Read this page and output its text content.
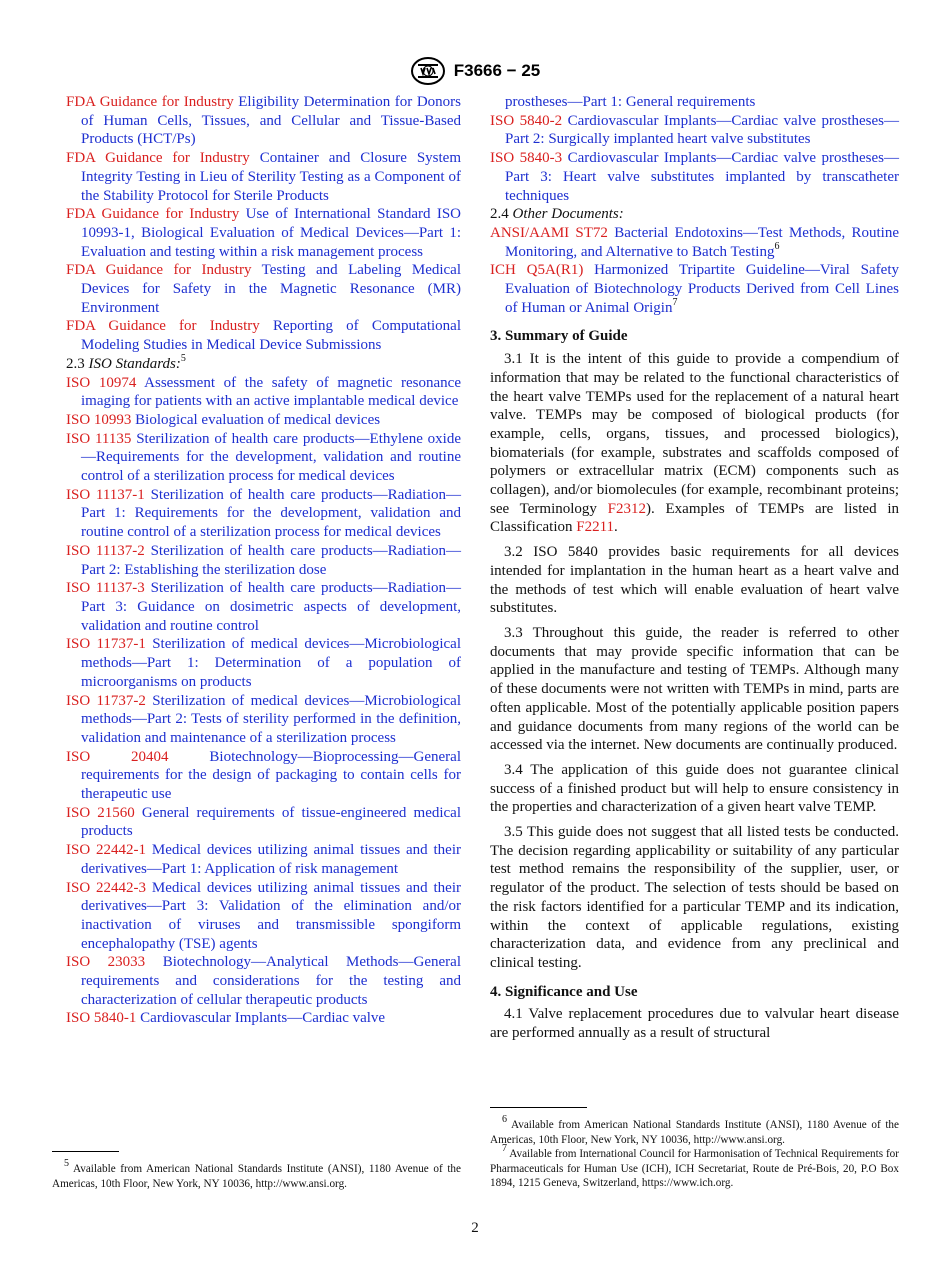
F3666 − 25

FDA Guidance for Industry Eligibility Determination for Donors of Human Cells, Tissues, and Cellular and Tissue-Based Products (HCT/Ps)

FDA Guidance for Industry Container and Closure System Integrity Testing in Lieu of Sterility Testing as a Component of the Stability Protocol for Sterile Products

FDA Guidance for Industry Use of International Standard ISO 10993-1, Biological Evaluation of Medical Devices—Part 1: Evaluation and testing within a risk management process

FDA Guidance for Industry Testing and Labeling Medical Devices for Safety in the Magnetic Resonance (MR) Environment

FDA Guidance for Industry Reporting of Computational Modeling Studies in Medical Device Submissions

2.3 ISO Standards:$^5$

ISO 10974 Assessment of the safety of magnetic resonance imaging for patients with an active implantable medical device

ISO 10993 Biological evaluation of medical devices

ISO 11135 Sterilization of health care products—Ethylene oxide—Requirements for the development, validation and routine control of a sterilization process for medical devices

ISO 11137-1 Sterilization of health care products—Radiation—Part 1: Requirements for the development, validation and routine control of a sterilization process for medical devices

ISO 11137-2 Sterilization of health care products—Radiation—Part 2: Establishing the sterilization dose

ISO 11137-3 Sterilization of health care products—Radiation—Part 3: Guidance on dosimetric aspects of development, validation and routine control

ISO 11737-1 Sterilization of medical devices—Microbiological methods—Part 1: Determination of a population of microorganisms on products

ISO 11737-2 Sterilization of medical devices—Microbiological methods—Part 2: Tests of sterility performed in the definition, validation and maintenance of a sterilization process

ISO 20404	Biotechnology—Bioprocessing—General requirements for the design of packaging to contain cells for therapeutic use

ISO 21560 General requirements of tissue-engineered medical products

ISO 22442-1 Medical devices utilizing animal tissues and their derivatives—Part 1: Application of risk management

ISO 22442-3 Medical devices utilizing animal tissues and their derivatives—Part 3: Validation of the elimination and/or inactivation of viruses and transmissible spongiform encephalopathy (TSE) agents

ISO 23033 Biotechnology—Analytical Methods—General requirements and considerations for the testing and characterization of cellular therapeutic products

ISO 5840-1 Cardiovascular Implants—Cardiac valve

$^5$ Available from American National Standards Institute (ANSI), 1180 Avenue of the Americas, 10th Floor, New York, NY 10036, http://www.ansi.org.

prostheses—Part 1: General requirements

ISO 5840-2 Cardiovascular Implants—Cardiac valve prostheses—Part 2: Surgically implanted heart valve substitutes

ISO 5840-3 Cardiovascular Implants—Cardiac valve prostheses—Part 3: Heart valve substitutes implanted by transcatheter techniques

2.4 Other Documents:

ANSI/AAMI ST72 Bacterial Endotoxins—Test Methods, Routine Monitoring, and Alternative to Batch Testing$^6$

ICH Q5A(R1) Harmonized Tripartite Guideline—Viral Safety Evaluation of Biotechnology Products Derived from Cell Lines of Human or Animal Origin$^7$

3. Summary of Guide

3.1 It is the intent of this guide to provide a compendium of information that may be related to the functional characteristics of the heart valve TEMPs used for the replacement of a natural heart valve. TEMPs may be composed of biological products (for example, cells, organs, tissues, and processed biologics), biomaterials (for example, substrates and scaffolds composed of polymers or extracellular matrix (ECM) components such as collagen), and/or biomolecules (for example, recombinant proteins; see Terminology F2312). Examples of TEMPs are listed in Classification F2211.

3.2 ISO 5840 provides basic requirements for all devices intended for implantation in the human heart as a heart valve and the methods of test which will enable evaluation of heart valve substitutes.

3.3 Throughout this guide, the reader is referred to other documents that may provide specific information that can be applied in the manufacture and testing of TEMPs. Although many of these documents were not written with TEMPs in mind, parts are often applicable. Most of the potentially applicable position papers and guidance documents from many regions of the world can be accessed via the internet. New documents are continually produced.

3.4 The application of this guide does not guarantee clinical success of a finished product but will help to ensure consistency in the properties and characterization of a given heart valve TEMP.

3.5 This guide does not suggest that all listed tests be conducted. The decision regarding applicability or suitability of any particular test method remains the responsibility of the supplier, user, or regulator of the product. The selection of tests should be based on the risk factors identified for a particular TEMP and its indication, within the context of applicable regulations, existing characterization data, and evidence from any preclinical and clinical testing.

4. Significance and Use

4.1 Valve replacement procedures due to valvular heart disease are performed annually as a result of structural

$^6$ Available from American National Standards Institute (ANSI), 1180 Avenue of the Americas, 10th Floor, New York, NY 10036, http://www.ansi.org.

$^7$ Available from International Council for Harmonisation of Technical Requirements for Pharmaceuticals for Human Use (ICH), ICH Secretariat, Route de Pré-Bois, 20, P.O Box 1894, 1215 Geneva, Switzerland, https://www.ich.org.

2
